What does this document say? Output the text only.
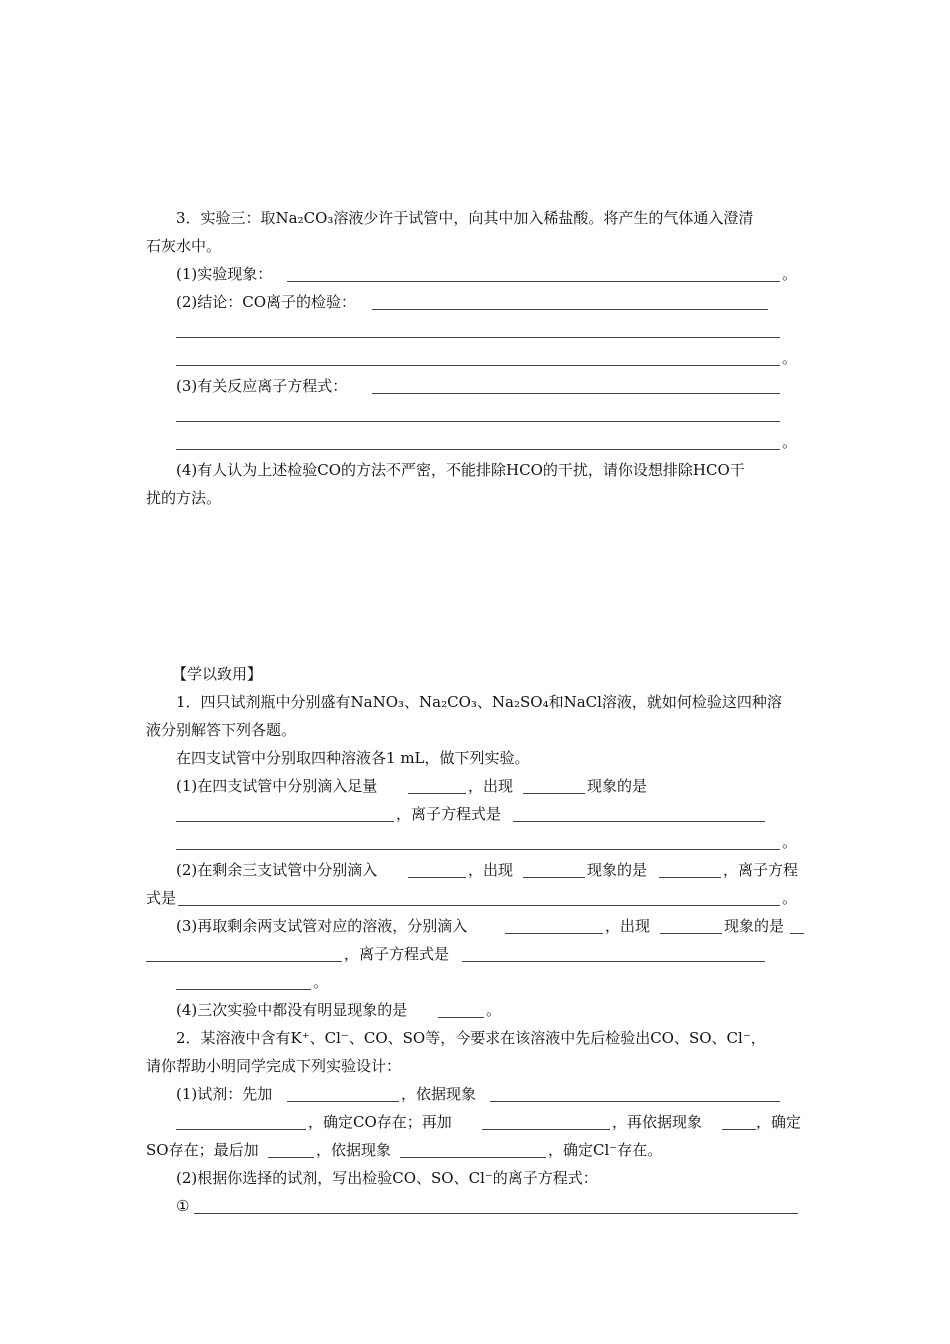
3．实验三：取Na₂CO₃溶液少许于试管中，向其中加入稀盐酸。将产生的气体通入澄清
石灰水中。
(1)实验现象：	。
(2)结论：CO离子的检验：
。
(3)有关反应离子方程式：
。
(4)有人认为上述检验CO的方法不严密，不能排除HCO的干扰，请你设想排除HCO干
扰的方法。
【学以致用】
1．四只试剂瓶中分别盛有NaNO₃、Na₂CO₃、Na₂SO₄和NaCl溶液，就如何检验这四种溶
液分别解答下列各题。
在四支试管中分别取四种溶液各1 mL，做下列实验。
(1)在四支试管中分别滴入足量	，出现	现象的是
，离子方程式是
。
(2)在剩余三支试管中分别滴入	，出现	现象的是	，离子方程
式是	。
(3)再取剩余两支试管对应的溶液，分别滴入	，出现	现象的是
，离子方程式是
。
(4)三次实验中都没有明显现象的是	。
2．某溶液中含有K⁺、Cl⁻、CO、SO等，今要求在该溶液中先后检验出CO、SO、Cl⁻，
请你帮助小明同学完成下列实验设计：
(1)试剂：先加	，依据现象
，确定CO存在；再加	，再依据现象	，确定
SO存在；最后加	，依据现象	，确定Cl⁻存在。
(2)根据你选择的试剂，写出检验CO、SO、Cl⁻的离子方程式：
①
